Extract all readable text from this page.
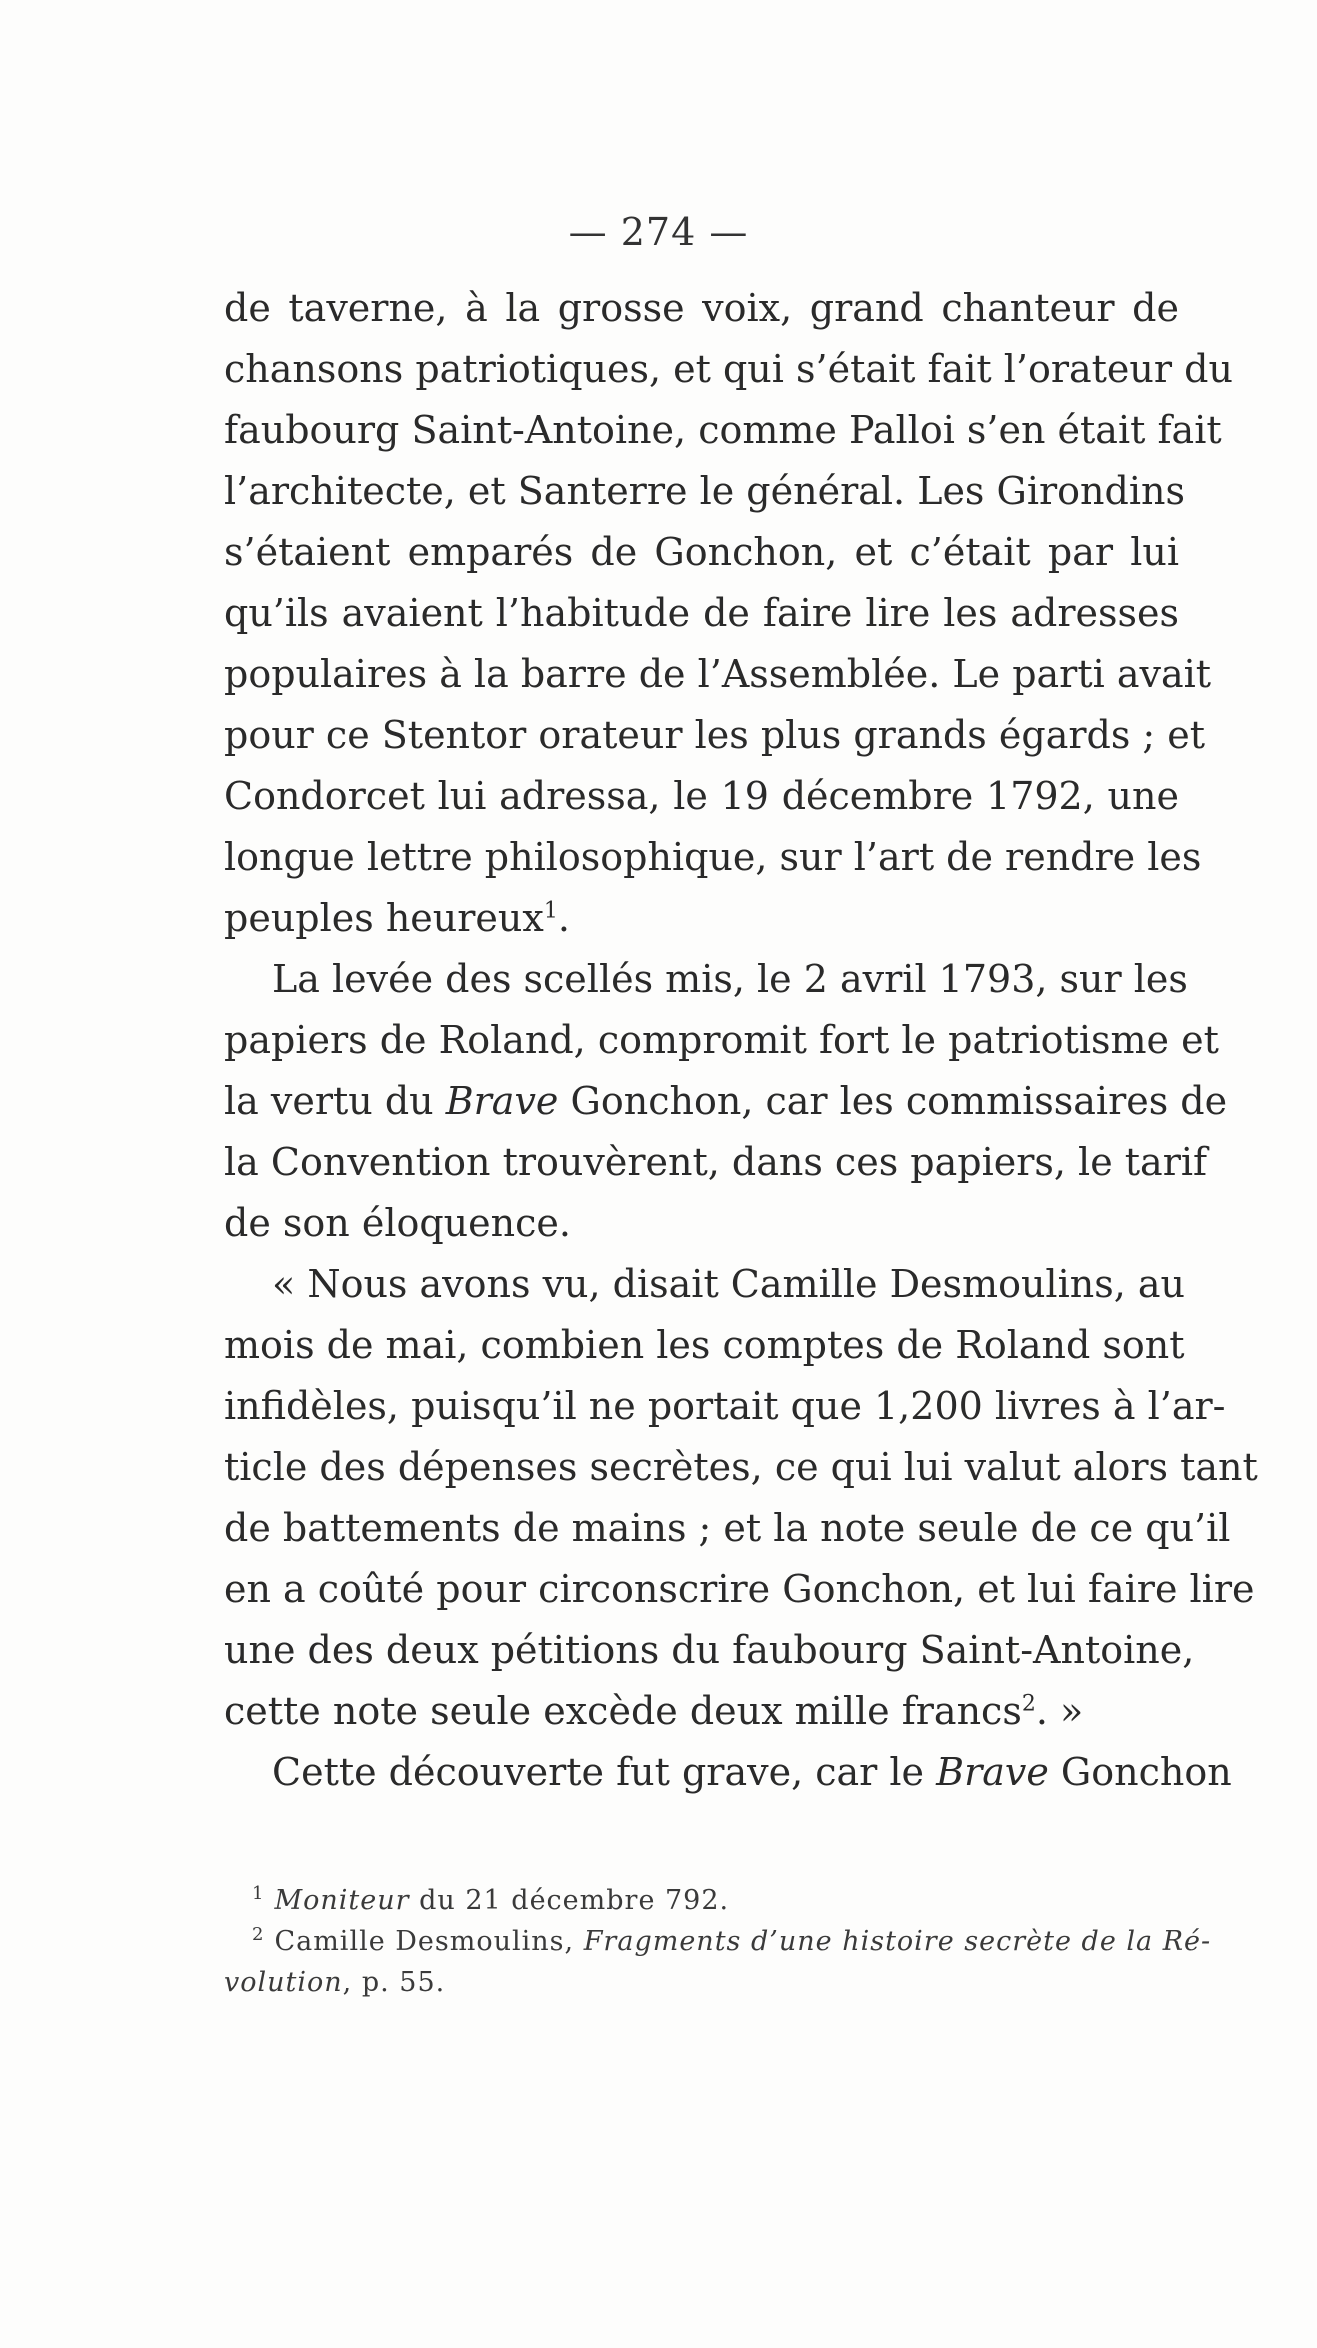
— 274 —
de taverne, à la grosse voix, grand chanteur de
chansons patriotiques, et qui s’était fait l’orateur du
faubourg Saint-Antoine, comme Palloi s’en était fait
l’architecte, et Santerre le général. Les Girondins
s’étaient emparés de Gonchon, et c’était par lui
qu’ils avaient l’habitude de faire lire les adresses
populaires à la barre de l’Assemblée. Le parti avait
pour ce Stentor orateur les plus grands égards ; et
Condorcet lui adressa, le 19 décembre 1792, une
longue lettre philosophique, sur l’art de rendre les
peuples heureux$^1$.
La levée des scellés mis, le 2 avril 1793, sur les
papiers de Roland, compromit fort le patriotisme et
la vertu du Brave Gonchon, car les commissaires de
la Convention trouvèrent, dans ces papiers, le tarif
de son éloquence.
« Nous avons vu, disait Camille Desmoulins, au
mois de mai, combien les comptes de Roland sont
infidèles, puisqu’il ne portait que 1,200 livres à l’ar-
ticle des dépenses secrètes, ce qui lui valut alors tant
de battements de mains ; et la note seule de ce qu’il
en a coûté pour circonscrire Gonchon, et lui faire lire
une des deux pétitions du faubourg Saint-Antoine,
cette note seule excède deux mille francs$^2$. »
Cette découverte fut grave, car le Brave Gonchon
$^1$ Moniteur du 21 décembre 792.
$^2$ Camille Desmoulins, Fragments d’une histoire secrète de la Ré-
volution, p. 55.
